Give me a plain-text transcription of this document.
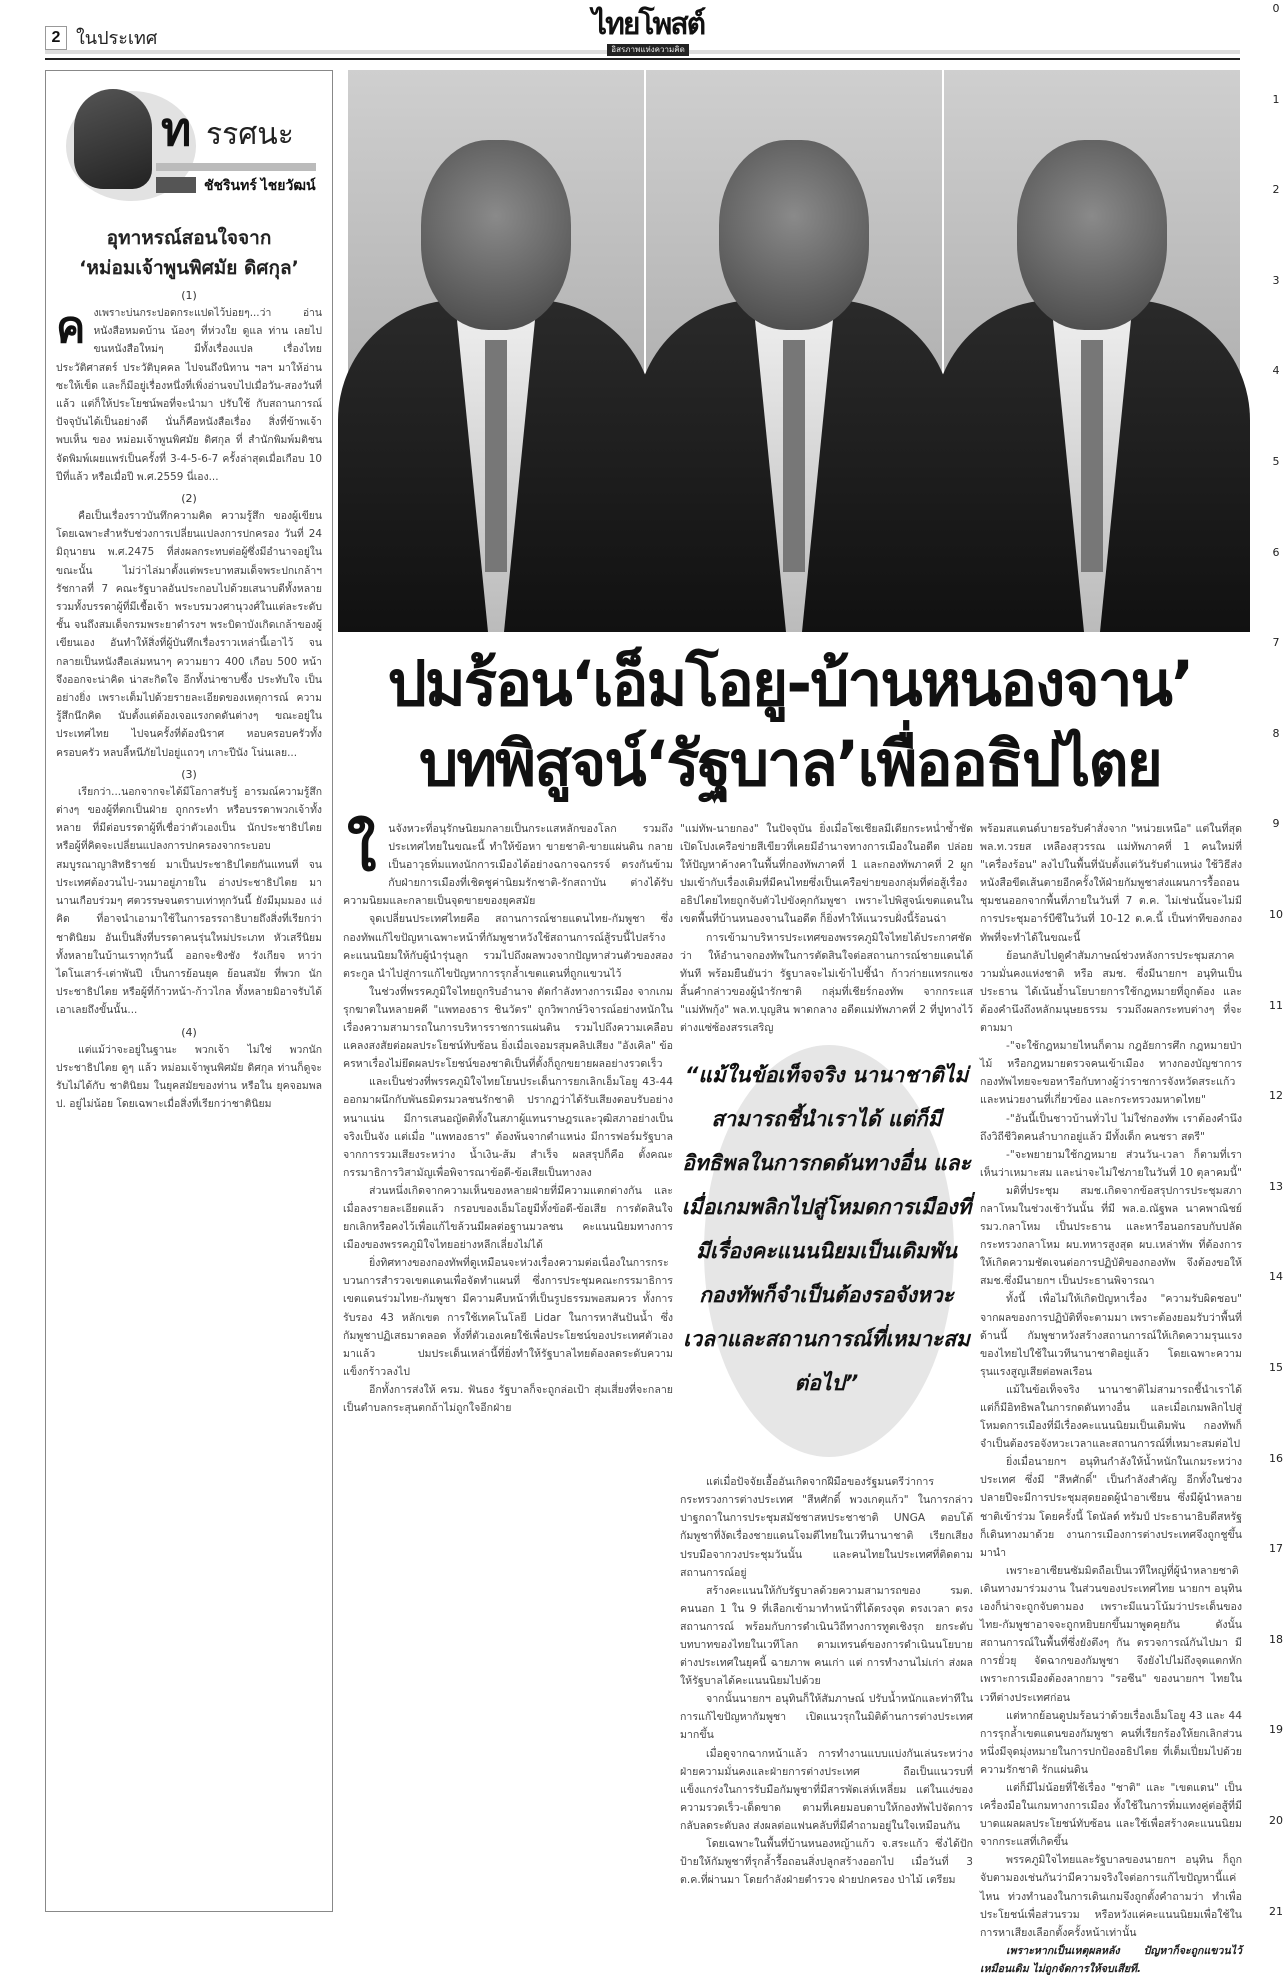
2 ในประเทศ	ไทยโพสต์
อิสรภาพแห่งความคิด
ท รรศนะ
ชัชรินทร์ ไชยวัฒน์
อุทาหรณ์สอนใจจาก
‘หม่อมเจ้าพูนพิศมัย ดิศกุล’
(1)

คงเพราะบ่นกระปอดกระแปดไว้บ่อยๆ...ว่า อ่านหนังสือหมดบ้าน น้องๆ ที่ห่วงใย ดูแล ท่าน เลยไปขนหนังสือใหม่ๆ มีทั้งเรื่องแปล เรื่องไทย ประวัติศาสตร์ ประวัติบุคคล ไปจนถึงนิทาน ฯลฯ มาให้อ่านซะให้เข็ด และก็มีอยู่เรื่องหนึ่งที่เพิ่งอ่านจบไปเมื่อวัน-สองวันที่แล้ว แต่ก็ให้ประโยชน์พอที่จะนำมา ปรับใช้ กับสถานการณ์ปัจจุบันได้เป็นอย่างดี นั่นก็คือหนังสือเรื่อง สิ่งที่ข้าพเจ้าพบเห็น ของ หม่อมเจ้าพูนพิศมัย ดิศกุล ที่ สำนักพิมพ์มติชน จัดพิมพ์เผยแพร่เป็นครั้งที่ 3-4-5-6-7 ครั้งล่าสุดเมื่อเกือบ 10 ปีที่แล้ว หรือเมื่อปี พ.ศ.2559 นี่เอง...

(2)

คือเป็นเรื่องราวบันทึกความคิด ความรู้สึก ของผู้เขียน โดยเฉพาะสำหรับช่วงการเปลี่ยนแปลงการปกครอง วันที่ 24 มิถุนายน พ.ศ.2475 ที่ส่งผลกระทบต่อผู้ซึ่งมีอำนาจอยู่ในขณะนั้น ไม่ว่าไล่มาตั้งแต่พระบาทสมเด็จพระปกเกล้าฯ รัชกาลที่ 7 คณะรัฐบาลอันประกอบไปด้วยเสนาบดีทั้งหลาย รวมทั้งบรรดาผู้ที่มีเชื้อเจ้า พระบรมวงศานุวงศ์ในแต่ละระดับชั้น จนถึงสมเด็จกรมพระยาดำรงฯ พระบิดาบังเกิดเกล้าของผู้เขียนเอง อันทำให้สิ่งที่ผู้บันทึกเรื่องราวเหล่านี้เอาไว้ จนกลายเป็นหนังสือเล่มหนาๆ ความยาว 400 เกือบ 500 หน้า จึงออกจะน่าคิด น่าสะกิดใจ อีกทั้งน่าซาบซึ้ง ประทับใจ เป็นอย่างยิ่ง เพราะเต็มไปด้วยรายละเอียดของเหตุการณ์ ความรู้สึกนึกคิด นับตั้งแต่ต้องเจอแรงกดดันต่างๆ ขณะอยู่ในประเทศไทย ไปจนครั้งที่ต้องนิราศ หอบครอบครัวทั้งครอบครัว หลบลี้หนีภัยไปอยู่แถวๆ เกาะปีนัง โน่นเลย...

(3)

เรียกว่า...นอกจากจะได้มีโอกาสรับรู้ อารมณ์ความรู้สึก ต่างๆ ของผู้ที่ตกเป็นฝ่าย ถูกกระทำ หรือบรรดาพวกเจ้าทั้งหลาย ที่มีต่อบรรดาผู้ที่เชื่อว่าตัวเองเป็น นักประชาธิปไตย หรือผู้ที่คิดจะเปลี่ยนแปลงการปกครองจากระบอบสมบูรณาญาสิทธิราชย์ มาเป็นประชาธิปไตยกันแทนที่ จนประเทศต้องวนไป-วนมาอยู่ภายใน อ่างประชาธิปไตย มานานเกือบร่วมๆ ศตวรรษจนตราบเท่าทุกวันนี้ ยังมีมุมมอง แง่คิด ที่อาจนำเอามาใช้ในการอรรถาธิบายถึงสิ่งที่เรียกว่า ชาตินิยม อันเป็นสิ่งที่บรรดาคนรุ่นใหม่ประเภท หัวเสรีนิยม ทั้งหลายในบ้านเราทุกวันนี้ ออกจะชิงชัง รังเกียจ หาว่า ไดโนเสาร์-เต่าพันปี เป็นการย้อนยุค ย้อนสมัย ที่พวก นักประชาธิปไตย หรือผู้ที่ก้าวหน้า-ก้าวไกล ทั้งหลายมิอาจรับได้เอาเลยถึงขั้นนั้น...

(4)

แต่แม้ว่าจะอยู่ในฐานะ พวกเจ้า ไม่ใช่ พวกนักประชาธิปไตย ดูๆ แล้ว หม่อมเจ้าพูนพิศมัย ดิศกุล ท่านก็ดูจะรับไม่ได้กับ ชาตินิยม ในยุคสมัยของท่าน หรือใน ยุคจอมพล ป. อยู่ไม่น้อย โดยเฉพาะเมื่อสิ่งที่เรียกว่าชาตินิยม

ปมร้อน‘เอ็มโอยู-บ้านหนองจาน’
บทพิสูจน์‘รัฐบาล’เพื่ออธิปไตย

ใ นจังหวะที่อนุรักษนิยมกลายเป็นกระแสหลักของโลก รวมถึงประเทศไทยในขณะนี้ ทำให้ข้อหา ขายชาติ-ขายแผ่นดิน กลายเป็นอาวุธทิ่มแทงนักการเมืองได้อย่างฉกาจฉกรรจ์ ตรงกันข้ามกับฝ่ายการเมืองที่เชิดชูค่านิยมรักชาติ-รักสถาบัน ต่างได้รับความนิยมและกลายเป็นจุดขายของยุคสมัย

จุดเปลี่ยนประเทศไทยคือ สถานการณ์ชายแดนไทย-กัมพูชา ซึ่งกองทัพแก้ไขปัญหาเฉพาะหน้าที่กัมพูชาหวังใช้สถานการณ์สู้รบนี้ไปสร้างคะแนนนิยมให้กับผู้นำรุ่นลูก รวมไปถึงผลพวงจากปัญหาส่วนตัวของสองตระกูล นำไปสู่การแก้ไขปัญหาการรุกล้ำเขตแดนที่ถูกแขวนไว้

ในช่วงที่พรรคภูมิใจไทยถูกริบอำนาจ ตัดกำลังทางการเมือง จากเกมรุกฆาตในหลายคดี "แพทองธาร ชินวัตร" ถูกวิพากษ์วิจารณ์อย่างหนักในเรื่องความสามารถในการบริหารราชการแผ่นดิน รวมไปถึงความเคลือบแคลงสงสัยต่อผลประโยชน์ทับซ้อน ยิ่งเมื่อเจอมรสุมคลิปเสียง "อังเคิล" ข้อครหาเรื่องไม่ยึดผลประโยชน์ของชาติเป็นที่ตั้งก็ถูกขยายผลอย่างรวดเร็ว

และเป็นช่วงที่พรรคภูมิใจไทยโยนประเด็นการยกเลิกเอ็มโอยู 43-44 ออกมาผนึกกับพันธมิตรมวลชนรักชาติ ปรากฏว่าได้รับเสียงตอบรับอย่างหนาแน่น มีการเสนอญัตติทั้งในสภาผู้แทนราษฎรและวุฒิสภาอย่างเป็นจริงเป็นจัง แต่เมื่อ "แพทองธาร" ต้องพ้นจากตำแหน่ง มีการฟอร์มรัฐบาลจากการรวมเสียงระหว่าง น้ำเงิน-ส้ม สำเร็จ ผลสรุปก็คือ ตั้งคณะกรรมาธิการวิสามัญเพื่อพิจารณาข้อดี-ข้อเสียเป็นทางลง

ส่วนหนึ่งเกิดจากความเห็นของหลายฝ่ายที่มีความแตกต่างกัน และเมื่อลงรายละเอียดแล้ว กรอบของเอ็มโอยูมีทั้งข้อดี-ข้อเสีย การตัดสินใจยกเลิกหรือคงไว้เพื่อแก้ไขล้วนมีผลต่อฐานมวลชน คะแนนนิยมทางการเมืองของพรรคภูมิใจไทยอย่างหลีกเลี่ยงไม่ได้

ยิ่งทิศทางของกองทัพที่ดูเหมือนจะห่วงเรื่องความต่อเนื่องในการกระบวนการสำรวจเขตแดนเพื่อจัดทำแผนที่ ซึ่งการประชุมคณะกรรมาธิการเขตแดนร่วมไทย-กัมพูชา มีความคืบหน้าที่เป็นรูปธรรมพอสมควร ทั้งการรับรอง 43 หลักเขต การใช้เทคโนโลยี Lidar ในการหาสันปันน้ำ ซึ่งกัมพูชาปฏิเสธมาตลอด ทั้งที่ตัวเองเคยใช้เพื่อประโยชน์ของประเทศตัวเองมาแล้ว ปมประเด็นเหล่านี้ที่ยิ่งทำให้รัฐบาลไทยต้องลดระดับความแข็งกร้าวลงไป

อีกทั้งการส่งให้ ครม. ฟันธง รัฐบาลก็จะถูกล่อเป้า สุ่มเสี่ยงที่จะกลายเป็นตำบลกระสุนตกถ้าไม่ถูกใจอีกฝ่าย

"แม่ทัพ-นายกอง" ในปัจจุบัน ยิ่งเมื่อโซเชียลมีเดียกระหน่ำซ้ำชัด เปิดโปงเครือข่ายสีเขียวที่เคยมีอำนาจทางการเมืองในอดีต ปล่อยให้ปัญหาค้างคาในพื้นที่กองทัพภาคที่ 1 และกองทัพภาคที่ 2 ผูกปมเข้ากับเรื่องเดิมที่มีคนไทยซึ่งเป็นเครือข่ายของกลุ่มที่ต่อสู้เรื่องอธิปไตยไทยถูกจับตัวไปขังคุกกัมพูชา เพราะไปพิสูจน์เขตแดนในเขตพื้นที่บ้านหนองจานในอดีต ก็ยิ่งทำให้แนวรบฝั่งนี้ร้อนฉ่า

การเข้ามาบริหารประเทศของพรรคภูมิใจไทยได้ประกาศชัดว่า ให้อำนาจกองทัพในการตัดสินใจต่อสถานการณ์ชายแดนได้ทันที พร้อมยืนยันว่า รัฐบาลจะไม่เข้าไปชี้นำ ก้าวก่ายแทรกแซง สิ้นคำกล่าวของผู้นำรักชาติ กลุ่มที่เชียร์กองทัพ จากกระแส "แม่ทัพกุ้ง" พล.ท.บุญสิน พาดกลาง อดีตแม่ทัพภาคที่ 2 ที่ปูทางไว้ ต่างแซ่ซ้องสรรเสริญ

“แม้ในข้อเท็จจริง นานาชาติไม่สามารถชี้นำเราได้ แต่ก็มีอิทธิพลในการกดดันทางอื่น และเมื่อเกมพลิกไปสู่โหมดการเมืองที่มีเรื่องคะแนนนิยมเป็นเดิมพัน กองทัพก็จำเป็นต้องรอจังหวะเวลาและสถานการณ์ที่เหมาะสมต่อไป”

แต่เมื่อปัจจัยเอื้ออันเกิดจากฝีมือของรัฐมนตรีว่าการกระทรวงการต่างประเทศ "สีหศักดิ์ พวงเกตุแก้ว" ในการกล่าวปาฐกถาในการประชุมสมัชชาสหประชาชาติ UNGA ตอบโต้กัมพูชาที่งัดเรื่องชายแดนโจมตีไทยในเวทีนานาชาติ เรียกเสียงปรบมือจากวงประชุมวันนั้น และคนไทยในประเทศที่ติดตามสถานการณ์อยู่

สร้างคะแนนให้กับรัฐบาลด้วยความสามารถของ รมต. คนนอก 1 ใน 9 ที่เลือกเข้ามาทำหน้าที่ได้ตรงจุด ตรงเวลา ตรงสถานการณ์ พร้อมกับการดำเนินวิถีทางการทูตเชิงรุก ยกระดับบทบาทของไทยในเวทีโลก ตามเทรนด์ของการดำเนินนโยบายต่างประเทศในยุคนี้ ฉายภาพ คนเก่า แต่ การทำงานไม่เก่า ส่งผลให้รัฐบาลได้คะแนนนิยมไปด้วย

จากนั้นนายกฯ อนุทินก็ให้สัมภาษณ์ ปรับน้ำหนักและท่าทีในการแก้ไขปัญหากัมพูชา เปิดแนวรุกในมิติด้านการต่างประเทศมากขึ้น

เมื่อดูจากฉากหน้าแล้ว การทำงานแบบแบ่งกันเล่นระหว่างฝ่ายความมั่นคงและฝ่ายการต่างประเทศ ถือเป็นแนวรบที่แข็งแกร่งในการรับมือกัมพูชาที่มีสารพัดเล่ห์เหลี่ยม แต่ในแง่ของความรวดเร็ว-เด็ดขาด ตามที่เคยมอบดาบให้กองทัพไปจัดการกลับลดระดับลง ส่งผลต่อแฟนคลับที่มีคำถามอยู่ในใจเหมือนกัน

โดยเฉพาะในพื้นที่บ้านหนองหญ้าแก้ว จ.สระแก้ว ซึ่งได้ปักป้ายให้กัมพูชาที่รุกล้ำรื้อถอนสิ่งปลูกสร้างออกไป เมื่อวันที่ 3 ต.ค.ที่ผ่านมา โดยกำลังฝ่ายตำรวจ ฝ่ายปกครอง ป่าไม้ เตรียม

พร้อมสแตนด์บายรอรับคำสั่งจาก "หน่วยเหนือ" แต่ในที่สุด พล.ท.วรยส เหลืองสุวรรณ แม่ทัพภาคที่ 1 คนใหม่ที่ "เครื่องร้อน" ลงไปในพื้นที่นับตั้งแต่วันรับตำแหน่ง ใช้วิธีส่งหนังสือขีดเส้นตายอีกครั้งให้ฝ่ายกัมพูชาส่งแผนการรื้อถอนชุมชนออกจากพื้นที่ภายในวันที่ 7 ต.ค. ไม่เช่นนั้นจะไม่มีการประชุมอาร์บีซีในวันที่ 10-12 ต.ค.นี้ เป็นท่าทีของกองทัพที่จะทำได้ในขณะนี้

ย้อนกลับไปดูคำสัมภาษณ์ช่วงหลังการประชุมสภาความมั่นคงแห่งชาติ หรือ สมช. ซึ่งมีนายกฯ อนุทินเป็นประธาน ได้เน้นย้ำนโยบายการใช้กฎหมายที่ถูกต้อง และต้องคำนึงถึงหลักมนุษยธรรม รวมถึงผลกระทบต่างๆ ที่จะตามมา

-"จะใช้กฎหมายไหนก็ตาม กฎอัยการศึก กฎหมายป่าไม้ หรือกฎหมายตรวจคนเข้าเมือง ทางกองบัญชาการกองทัพไทยจะขอหารือกับทางผู้ว่าราชการจังหวัดสระแก้ว และหน่วยงานที่เกี่ยวข้อง และกระทรวงมหาดไทย"

-"อันนี้เป็นชาวบ้านทั่วไป ไม่ใช่กองทัพ เราต้องคำนึงถึงวิถีชีวิตคนลำบากอยู่แล้ว มีทั้งเด็ก คนชรา สตรี"

-"จะพยายามใช้กฎหมาย ส่วนวัน-เวลา ก็ตามที่เราเห็นว่าเหมาะสม และน่าจะไม่ใช่ภายในวันที่ 10 ตุลาคมนี้"

มติที่ประชุม สมช.เกิดจากข้อสรุปการประชุมสภากลาโหมในช่วงเช้าวันนั้น ที่มี พล.อ.ณัฐพล นาคพาณิชย์ รมว.กลาโหม เป็นประธาน และหารือนอกรอบกับปลัดกระทรวงกลาโหม ผบ.ทหารสูงสุด ผบ.เหล่าทัพ ที่ต้องการให้เกิดความชัดเจนต่อการปฏิบัติของกองทัพ จึงต้องขอให้ สมช.ซึ่งมีนายกฯ เป็นประธานพิจารณา

ทั้งนี้ เพื่อไม่ให้เกิดปัญหาเรื่อง "ความรับผิดชอบ" จากผลของการปฏิบัติที่จะตามมา เพราะต้องยอมรับว่าพื้นที่ด้านนี้ กัมพูชาหวังสร้างสถานการณ์ให้เกิดความรุนแรงของไทยไปใช้ในเวทีนานาชาติอยู่แล้ว โดยเฉพาะความรุนแรงสูญเสียต่อพลเรือน

แม้ในข้อเท็จจริง นานาชาติไม่สามารถชี้นำเราได้ แต่ก็มีอิทธิพลในการกดดันทางอื่น และเมื่อเกมพลิกไปสู่โหมดการเมืองที่มีเรื่องคะแนนนิยมเป็นเดิมพัน กองทัพก็จำเป็นต้องรอจังหวะเวลาและสถานการณ์ที่เหมาะสมต่อไป

ยิ่งเมื่อนายกฯ อนุทินกำลังให้น้ำหนักในเกมระหว่างประเทศ ซึ่งมี "สีหศักดิ์" เป็นกำลังสำคัญ อีกทั้งในช่วงปลายปีจะมีการประชุมสุดยอดผู้นำอาเซียน ซึ่งมีผู้นำหลายชาติเข้าร่วม โดยครั้งนี้ โดนัลด์ ทรัมป์ ประธานาธิบดีสหรัฐ ก็เดินทางมาด้วย งานการเมืองการต่างประเทศจึงถูกชูขึ้นมานำ

เพราะอาเซียนซัมมิตถือเป็นเวทีใหญ่ที่ผู้นำหลายชาติเดินทางมาร่วมงาน ในส่วนของประเทศไทย นายกฯ อนุทินเองก็น่าจะถูกจับตามอง เพราะมีแนวโน้มว่าประเด็นของไทย-กัมพูชาอาจจะถูกหยิบยกขึ้นมาพูดคุยกัน ดังนั้น สถานการณ์ในพื้นที่ซึ่งยังตึงๆ กัน ตรวจการณ์กันไปมา มีการยั่วยุ จัดฉากของกัมพูชา จึงยังไปไม่ถึงจุดแตกหัก เพราะการเมืองต้องลากยาว "รอซีน" ของนายกฯ ไทยในเวทีต่างประเทศก่อน

แต่หากย้อนดูปมร้อนว่าด้วยเรื่องเอ็มโอยู 43 และ 44 การรุกล้ำเขตแดนของกัมพูชา คนที่เรียกร้องให้ยกเลิกส่วนหนึ่งมีจุดมุ่งหมายในการปกป้องอธิปไตย ที่เต็มเปี่ยมไปด้วยความรักชาติ รักแผ่นดิน

แต่ก็มีไม่น้อยที่ใช้เรื่อง "ชาติ" และ "เขตแดน" เป็นเครื่องมือในเกมทางการเมือง ทั้งใช้ในการทิ่มแทงคู่ต่อสู้ที่มีบาดแผลผลประโยชน์ทับซ้อน และใช้เพื่อสร้างคะแนนนิยมจากกระแสที่เกิดขึ้น

พรรคภูมิใจไทยและรัฐบาลของนายกฯ อนุทิน ก็ถูกจับตามองเช่นกันว่ามีความจริงใจต่อการแก้ไขปัญหานี้แค่ไหน ท่วงทำนองในการเดินเกมจึงถูกตั้งคำถามว่า ทำเพื่อประโยชน์เพื่อส่วนรวม หรือหวังแค่คะแนนนิยมเพื่อใช้ในการหาเสียงเลือกตั้งครั้งหน้าเท่านั้น

เพราะหากเป็นเหตุผลหลัง ปัญหาก็จะถูกแขวนไว้เหมือนเดิม ไม่ถูกจัดการให้จบเสียที.

0
1
2
3
4
5
6
7
8
9
10
11
12
13
14
15
16
17
18
19
20
21
